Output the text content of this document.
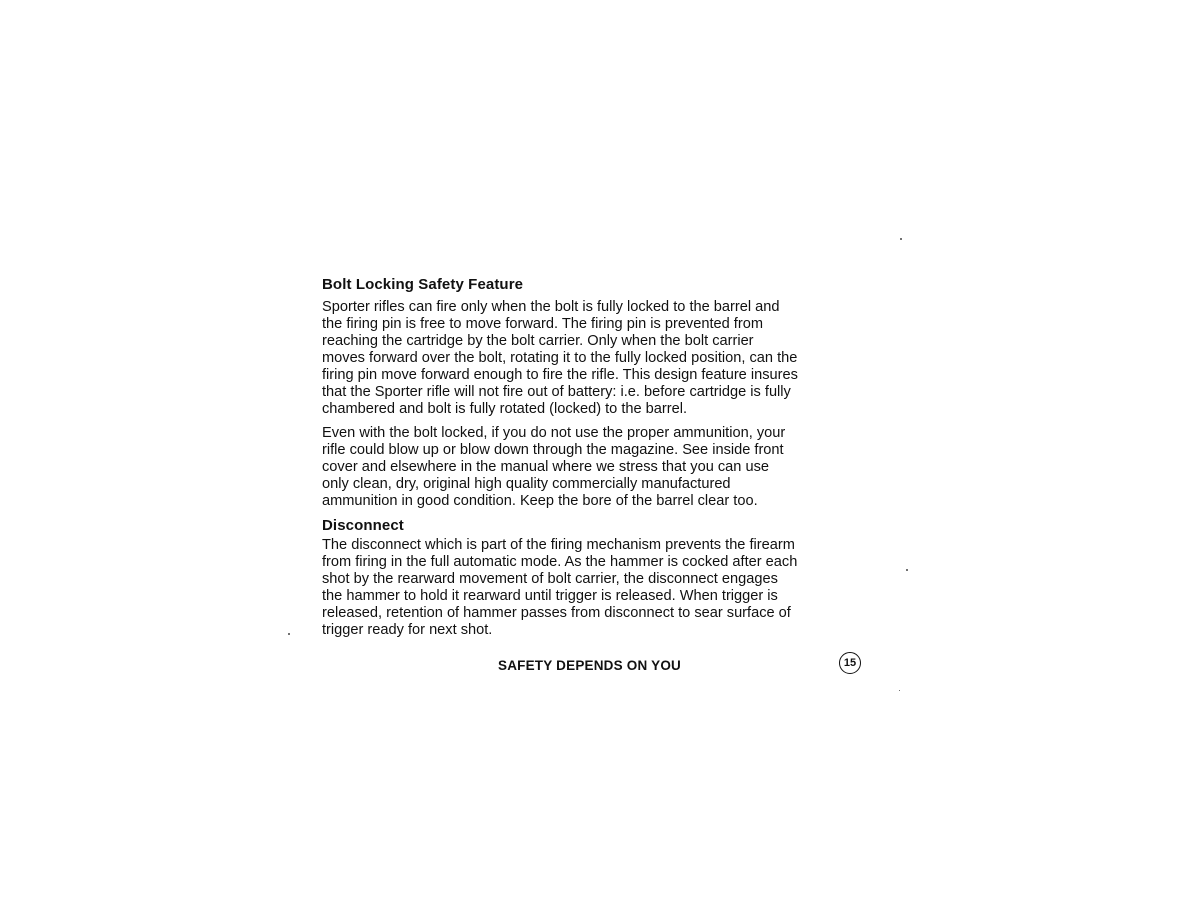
Bolt Locking Safety Feature

Sporter rifles can fire only when the bolt is fully locked to the barrel and
the firing pin is free to move forward. The firing pin is prevented from
reaching the cartridge by the bolt carrier. Only when the bolt carrier
moves forward over the bolt, rotating it to the fully locked position, can the
firing pin move forward enough to fire the rifle. This design feature insures
that the Sporter rifle will not fire out of battery: i.e. before cartridge is fully
chambered and bolt is fully rotated (locked) to the barrel.

Even with the bolt locked, if you do not use the proper ammunition, your
rifle could blow up or blow down through the magazine. See inside front
cover and elsewhere in the manual where we stress that you can use
only clean, dry, original high quality commercially manufactured
ammunition in good condition. Keep the bore of the barrel clear too.

Disconnect

The disconnect which is part of the firing mechanism prevents the firearm
from firing in the full automatic mode. As the hammer is cocked after each
shot by the rearward movement of bolt carrier, the disconnect engages
the hammer to hold it rearward until trigger is released. When trigger is
released, retention of hammer passes from disconnect to sear surface of
trigger ready for next shot.

SAFETY DEPENDS ON YOU	15
